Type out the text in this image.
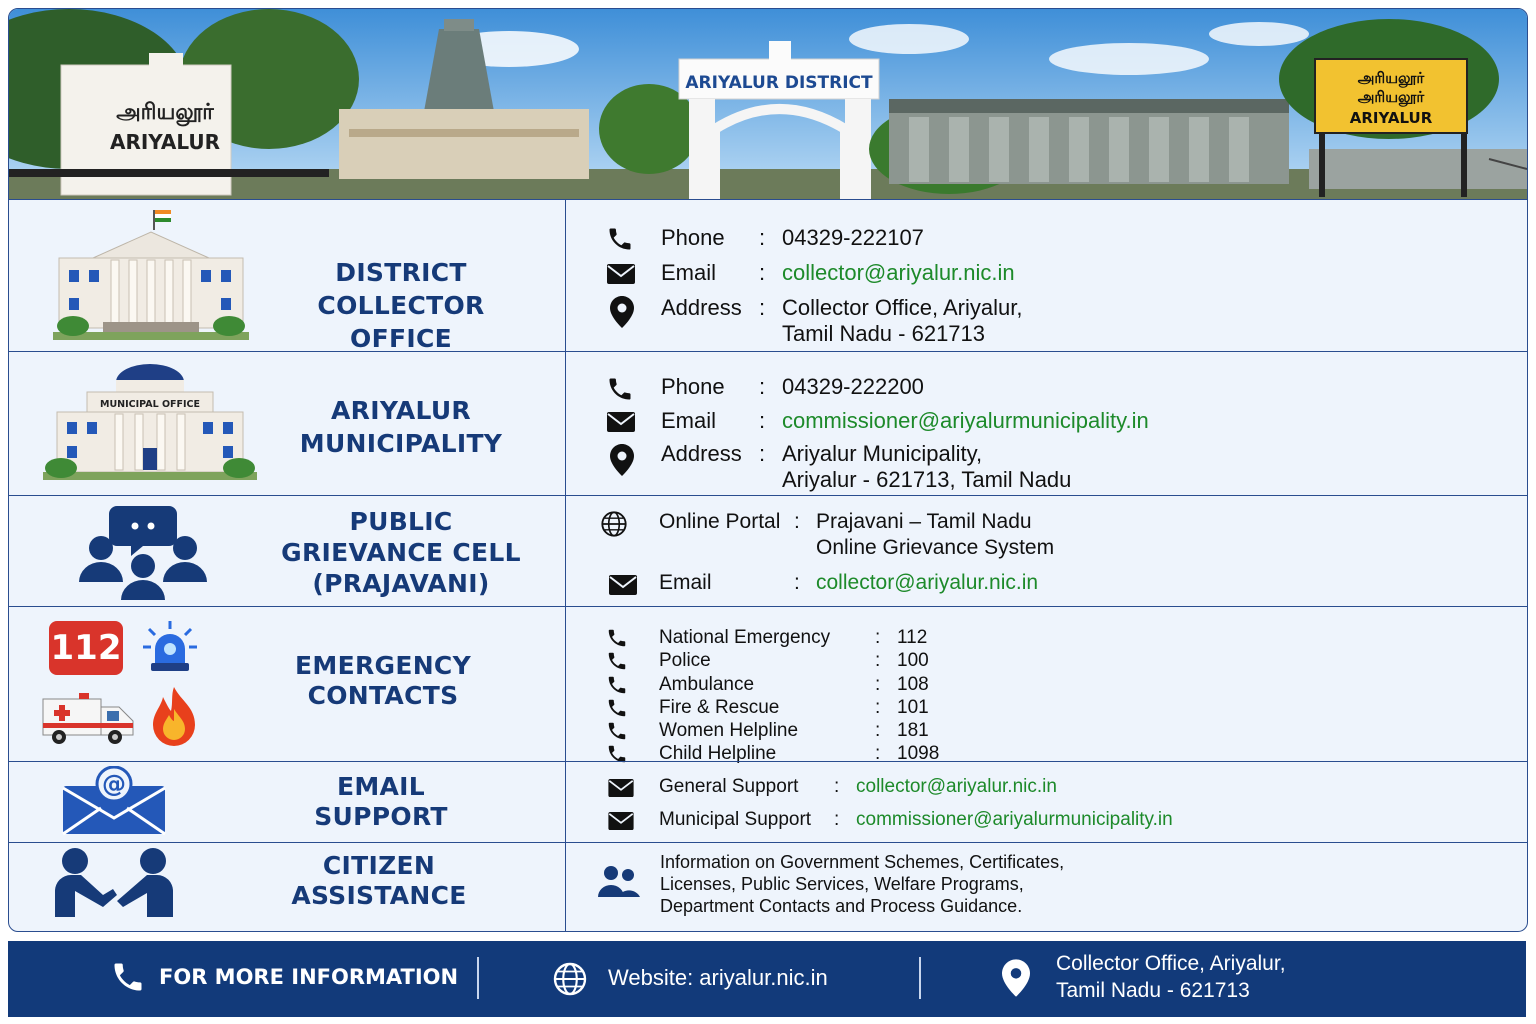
அரியலூர்
ARIYALUR
ARIYALUR DISTRICT	அரியலூர்
அரியலூர்
ARIYALUR
DISTRICT
COLLECTOR OFFICE
Phone : 04329-222107
Email : collector@ariyalur.nic.in
Address : Collector Office, Ariyalur,
Tamil Nadu - 621713
MUNICIPAL OFFICE	ARIYALUR
MUNICIPALITY
Phone : 04329-222200
Email : commissioner@ariyalurmunicipality.in
Address : Ariyalur Municipality,
Ariyalur - 621713, Tamil Nadu
PUBLIC
GRIEVANCE CELL
(PRAJAVANI)
Online Portal : Prajavani – Tamil Nadu
Online Grievance System
Email	: collector@ariyalur.nic.in
112	EMERGENCY
CONTACTS
National Emergency : 112
Police	: 100
Ambulance	: 108
Fire & Rescue	: 101
Women Helpline	: 181
Child Helpline	: 1098
@	EMAIL
SUPPORT
General Support : collector@ariyalur.nic.in
Municipal Support : commissioner@ariyalurmunicipality.in
CITIZEN
ASSISTANCE
Information on Government Schemes, Certificates,
Licenses, Public Services, Welfare Programs,
Department Contacts and Process Guidance.
FOR MORE INFORMATION	Website: ariyalur.nic.in
Collector Office, Ariyalur,
Tamil Nadu - 621713
